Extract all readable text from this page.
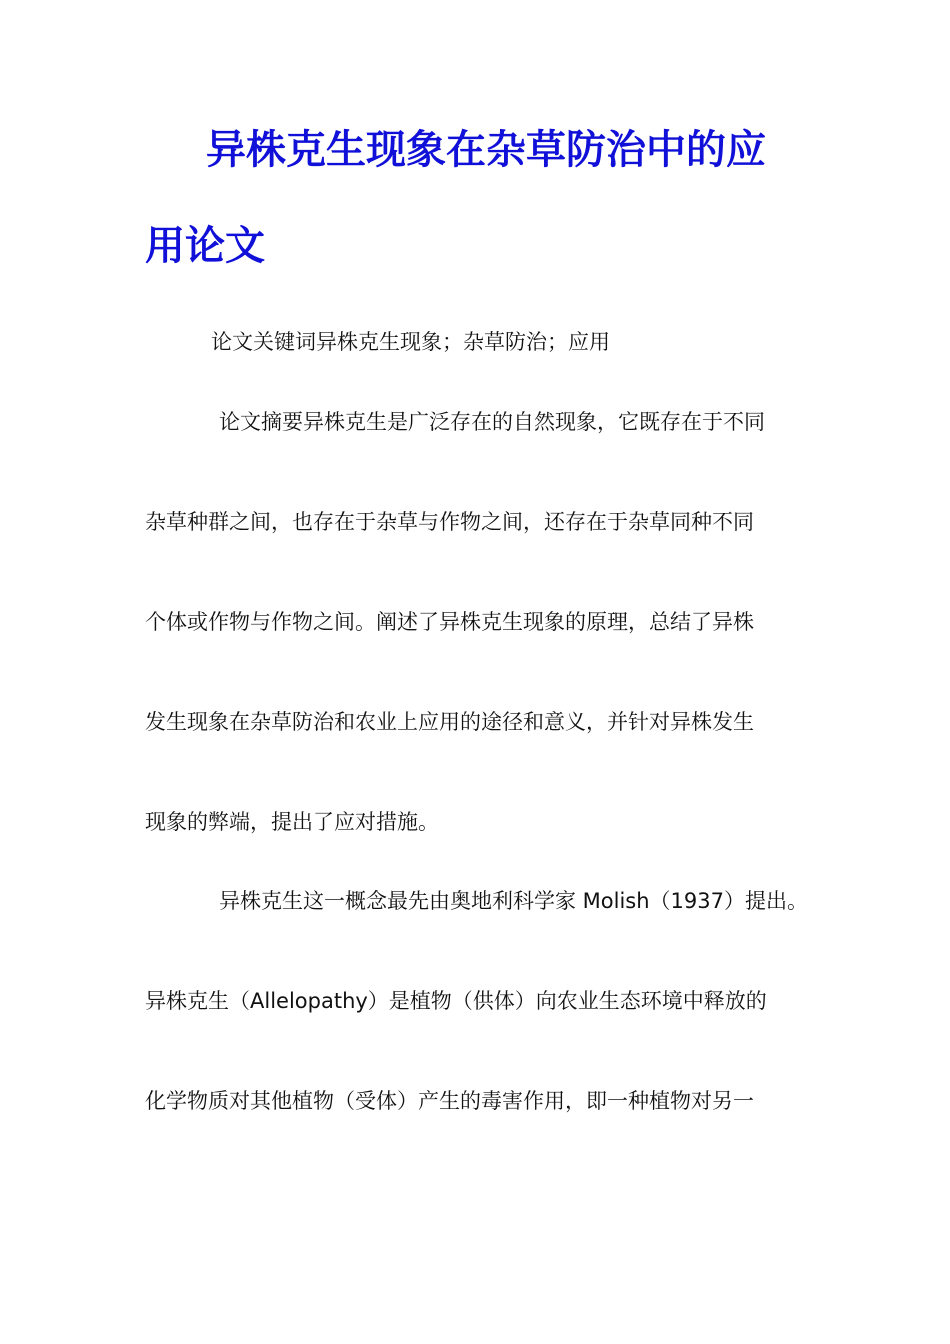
异株克生现象在杂草防治中的应
用论文

论文关键词异株克生现象；杂草防治；应用

论文摘要异株克生是广泛存在的自然现象，它既存在于不同

杂草种群之间，也存在于杂草与作物之间，还存在于杂草同种不同

个体或作物与作物之间。阐述了异株克生现象的原理，总结了异株

发生现象在杂草防治和农业上应用的途径和意义，并针对异株发生

现象的弊端，提出了应对措施。

异株克生这一概念最先由奥地利科学家 Molish（1937）提出。

异株克生（Allelopathy）是植物（供体）向农业生态环境中释放的

化学物质对其他植物（受体）产生的毒害作用，即一种植物对另一
